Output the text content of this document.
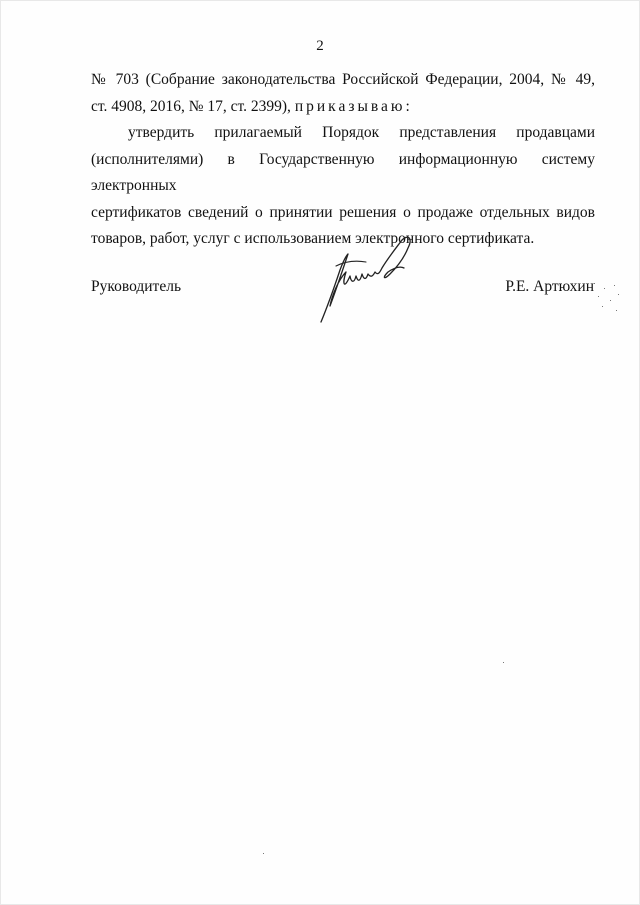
2
№ 703 (Собрание законодательства Российской Федерации, 2004, № 49,
ст. 4908, 2016, № 17, ст. 2399), приказываю:
утвердить прилагаемый Порядок представления продавцами
(исполнителями) в Государственную информационную систему электронных
сертификатов сведений о принятии решения о продаже отдельных видов
товаров, работ, услуг с использованием электронного сертификата.
Руководитель	Р.Е. Артюхин
